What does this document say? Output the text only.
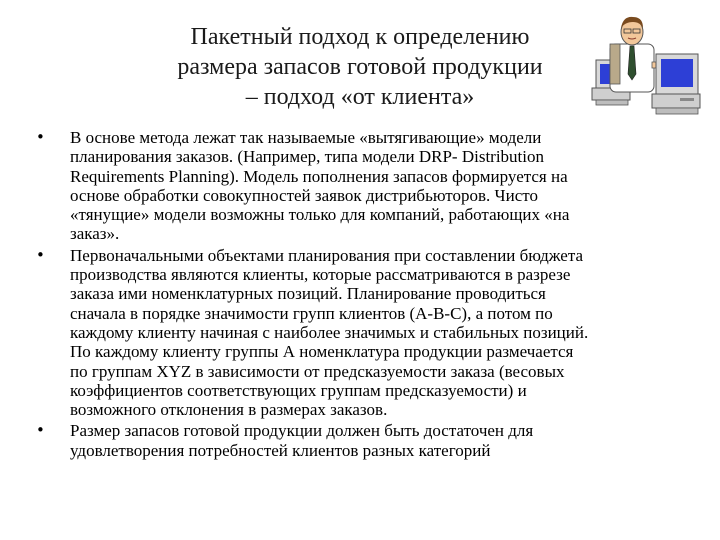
Пакетный подход к определению
размера запасов готовой продукции
– подход «от клиента»
• В основе метода лежат так называемые «вытягивающие» модели
планирования заказов. (Например, типа модели DRP- Distribution
Requirements Planning). Модель пополнения запасов формируется на
основе обработки совокупностей заявок дистрибьюторов. Чисто
«тянущие» модели возможны только для компаний, работающих «на
заказ».
• Первоначальными объектами планирования при составлении бюджета
производства являются клиенты, которые рассматриваются в разрезе
заказа ими номенклатурных позиций. Планирование проводиться
сначала в порядке значимости групп клиентов (А-В-С), а потом по
каждому клиенту начиная с наиболее значимых и стабильных позиций.
По каждому клиенту группы А номенклатура продукции размечается
по группам XYZ в зависимости от предсказуемости заказа (весовых
коэффициентов соответствующих группам предсказуемости) и
возможного отклонения в размерах заказов.
• Размер запасов готовой продукции должен быть достаточен для
удовлетворения потребностей клиентов разных категорий
